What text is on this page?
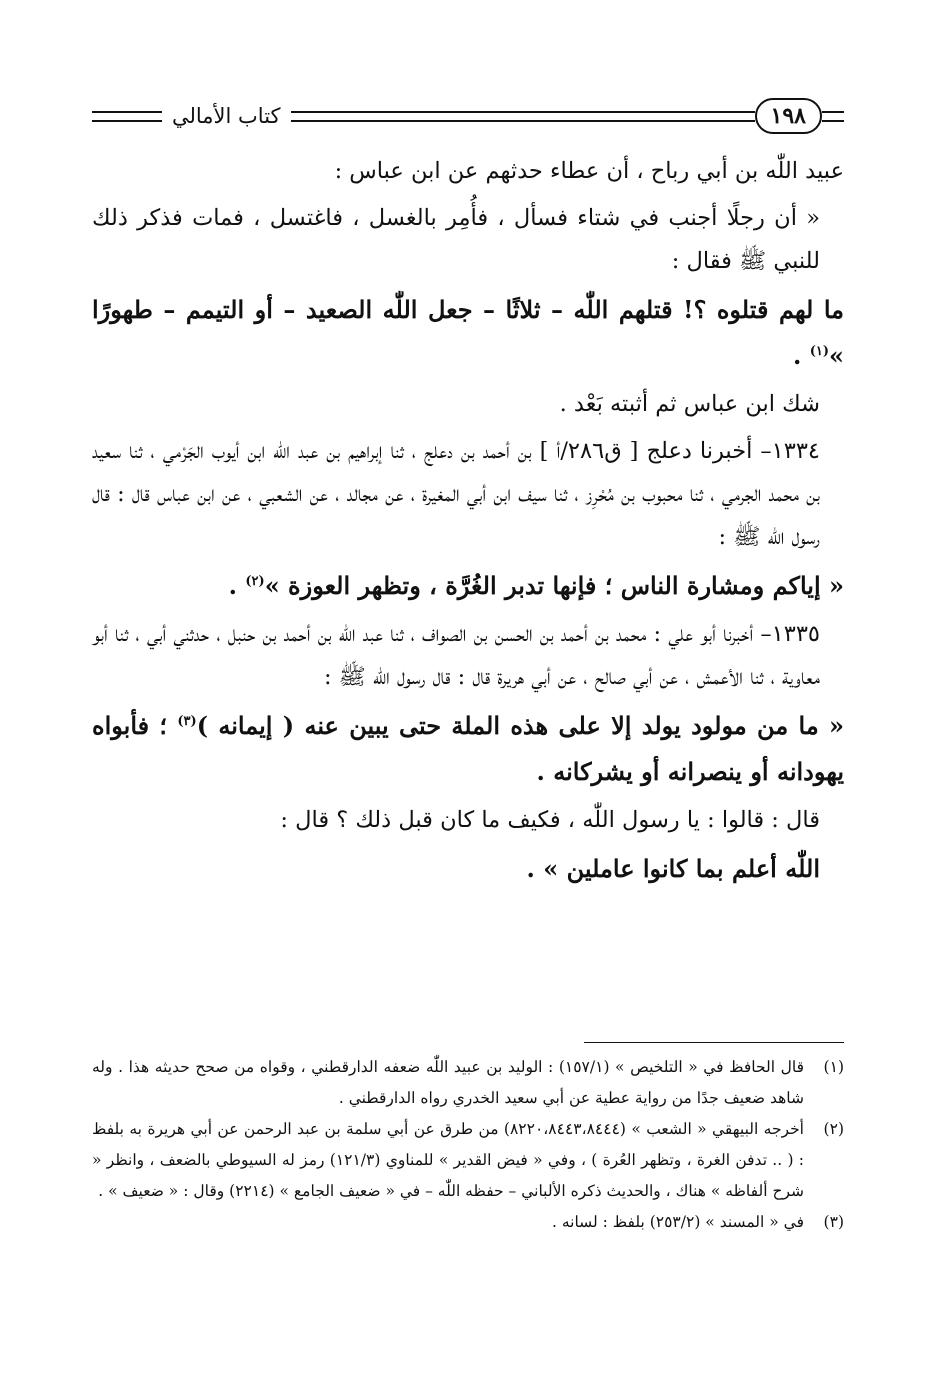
١٩٨
كتاب الأمالي

عبيد اللّٰه بن أبي رباح ، أن عطاء حدثهم عن ابن عباس :

« أن رجلًا أجنب في شتاء فسأل ، فأُمِر بالغسل ، فاغتسل ، فمات فذكر ذلك للنبي ﷺ فقال :

ما لهم قتلوه ؟! قتلهم اللّٰه – ثلاثًا – جعل اللّٰه الصعيد – أو التيمم – طهورًا »$^{(١)}$ .

شك ابن عباس ثم أثبته بَعْد .

١٣٣٤– أخبرنا دعلج [ ق٢٨٦/أ ] بن أحمد بن دعلج ، ثنا إبراهيم بن عبد اللّٰه ابن أيوب الجَرْمي ، ثنا سعيد بن محمد الجرمي ، ثنا محبوب بن مُحْرِز ، ثنا سيف ابن أبي المغيرة ، عن مجالد ، عن الشعبي ، عن ابن عباس قال : قال رسول اللّٰه ﷺ :

« إياكم ومشارة الناس ؛ فإنها تدبر الغُرَّة ، وتظهر العوزة »$^{(٢)}$ .

١٣٣٥– أخبرنا أبو علي : محمد بن أحمد بن الحسن بن الصواف ، ثنا عبد اللّٰه بن أحمد بن حنبل ، حدثني أبي ، ثنا أبو معاوية ، ثنا الأعمش ، عن أبي صالح ، عن أبي هريرة قال : قال رسول اللّٰه ﷺ :

« ما من مولود يولد إلا على هذه الملة حتى يبين عنه ( إيمانه )$^{(٣)}$ ؛ فأبواه يهودانه أو ينصرانه أو يشركانه .

قال : قالوا : يا رسول اللّٰه ، فكيف ما كان قبل ذلك ؟ قال :

اللّٰه أعلم بما كانوا عاملين » .

(١)
قال الحافظ في « التلخيص » (١٥٧/١) : الوليد بن عبيد اللّٰه ضعفه الدارقطني ، وقواه من صحح حديثه هذا . وله شاهد ضعيف جدًا من رواية عطية عن أبي سعيد الخدري رواه الدارقطني .
(٢)
أخرجه البيهقي « الشعب » (٨٢٢٠،٨٤٤٣،٨٤٤٤) من طرق عن أبي سلمة بن عبد الرحمن عن أبي هريرة به بلفظ : ( .. تدفن الغرة ، وتظهر العُرة ) ، وفي « فيض القدير » للمناوي (١٢١/٣) رمز له السيوطي بالضعف ، وانظر « شرح ألفاظه » هناك ، والحديث ذكره الألباني – حفظه اللّٰه – في « ضعيف الجامع » (٢٢١٤) وقال : « ضعيف » .
(٣)
في « المسند » (٢٥٣/٢) بلفظ : لسانه .
